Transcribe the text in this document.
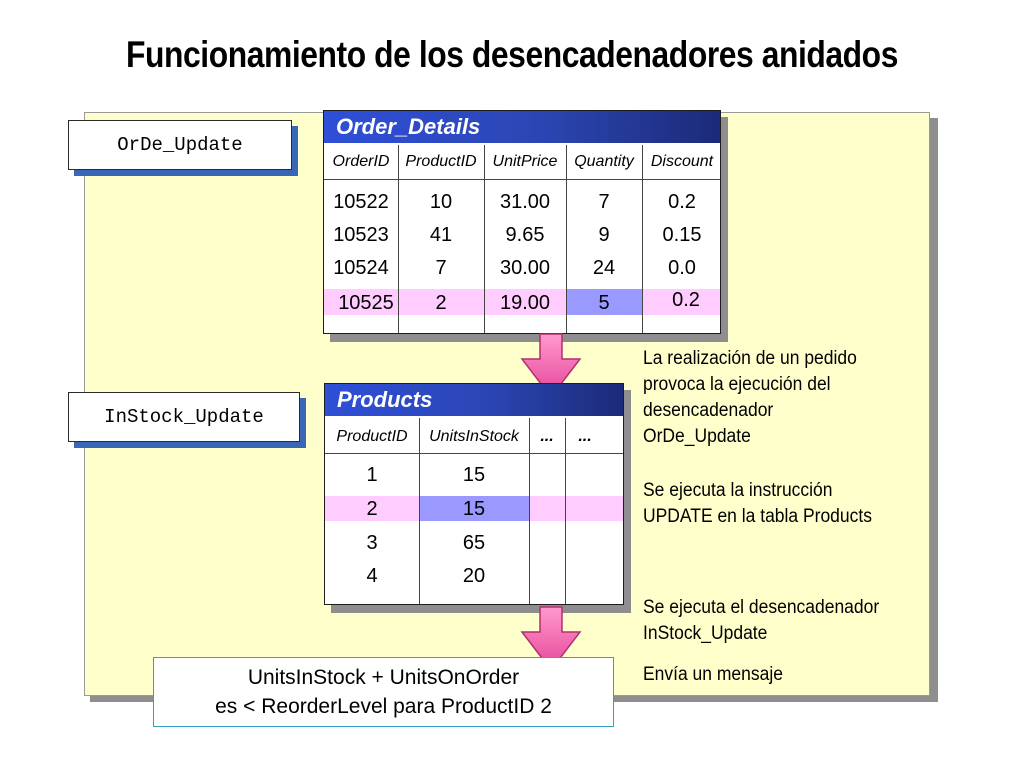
Funcionamiento de los desencadenadores anidados
OrDe_Update
InStock_Update
Order_Details
OrderID ProductID UnitPrice	Quantity	Discount
10522	10	31.00	7	0.2
10523	41	9.65	9	0.15
10524	7	30.00	24	0.0
10525	2	19.00	5	0.2
Products
ProductID	UnitsInStock	...	...
1	15
2	15
3	65
4	20
UnitsInStock + UnitsOnOrder
es < ReorderLevel para ProductID 2
La realización de un pedido
provoca la ejecución del
desencadenador
OrDe_Update
Se ejecuta la instrucción
UPDATE en la tabla Products
Se ejecuta el desencadenador
InStock_Update
Envía un mensaje
